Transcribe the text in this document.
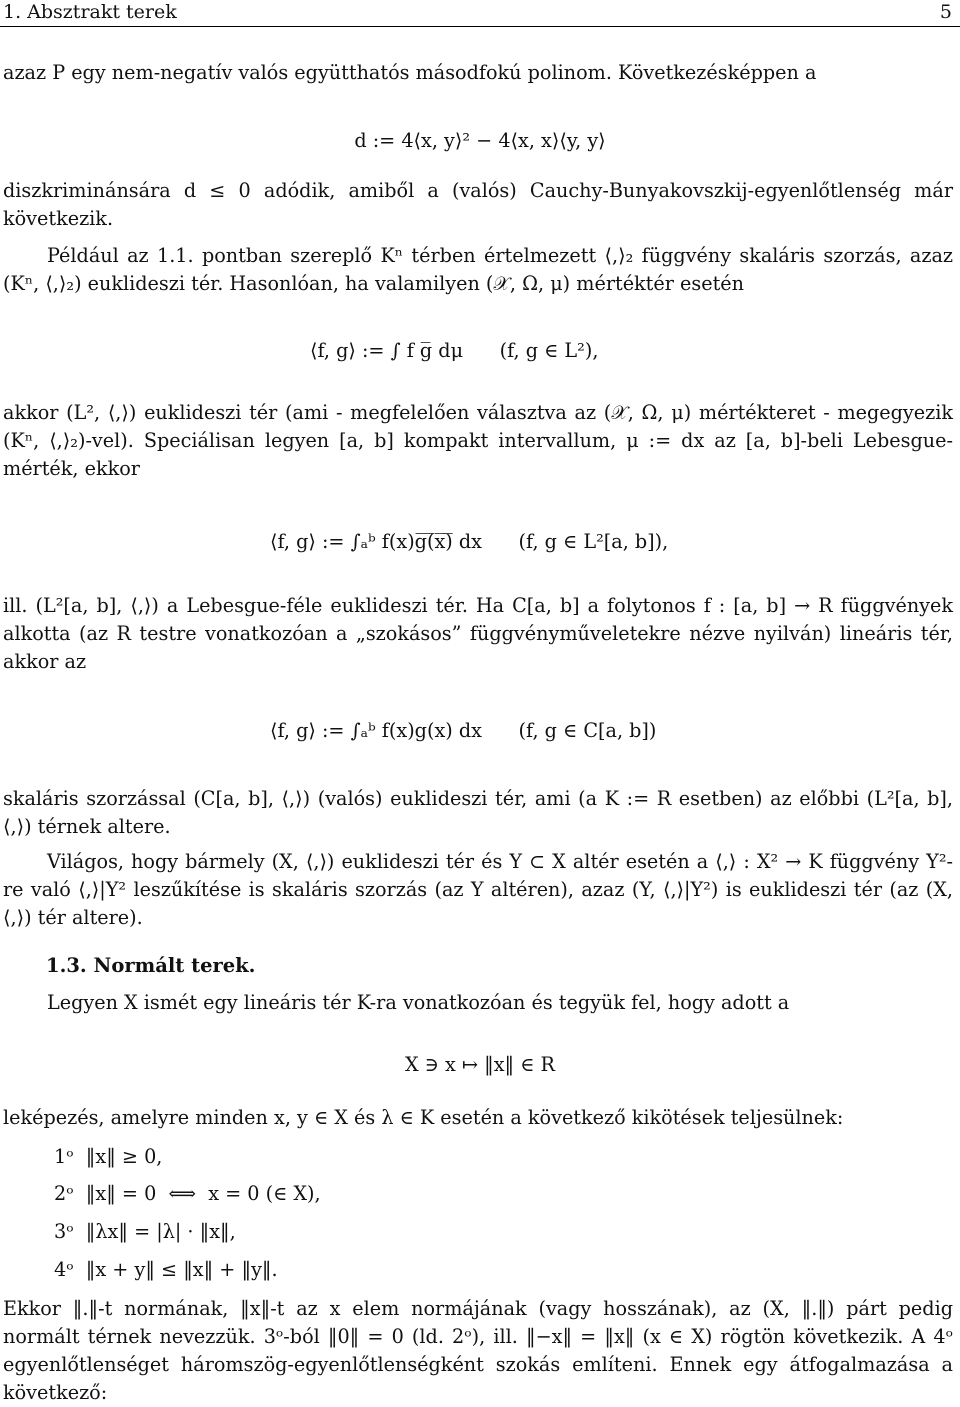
1. Absztrakt terek	5

azaz P egy nem-negatív valós együtthatós másodfokú polinom. Következésképpen a

d := 4⟨x, y⟩² − 4⟨x, x⟩⟨y, y⟩

diszkriminánsára d ≤ 0 adódik, amiből a (valós) Cauchy-Bunyakovszkij-egyenlőtlenség már következik.

Például az 1.1. pontban szereplő Kⁿ térben értelmezett ⟨,⟩₂ függvény skaláris szorzás, azaz (Kⁿ, ⟨,⟩₂) euklideszi tér. Hasonlóan, ha valamilyen (𝒳, Ω, μ) mértéktér esetén

⟨f, g⟩ := ∫ f g̅ dμ      (f, g ∈ L²),

akkor (L², ⟨,⟩) euklideszi tér (ami - megfelelően választva az (𝒳, Ω, μ) mértékteret - megegyezik (Kⁿ, ⟨,⟩₂)-vel). Speciálisan legyen [a, b] kompakt intervallum, μ := dx az [a, b]-beli Lebesgue-mérték, ekkor

⟨f, g⟩ := ∫ₐᵇ f(x)g̅(̅x̅)̅ dx      (f, g ∈ L²[a, b]),

ill. (L²[a, b], ⟨,⟩) a Lebesgue-féle euklideszi tér. Ha C[a, b] a folytonos f : [a, b] → R függvények alkotta (az R testre vonatkozóan a „szokásos” függvényműveletekre nézve nyilván) lineáris tér, akkor az

⟨f, g⟩ := ∫ₐᵇ f(x)g(x) dx      (f, g ∈ C[a, b])

skaláris szorzással (C[a, b], ⟨,⟩) (valós) euklideszi tér, ami (a K := R esetben) az előbbi (L²[a, b], ⟨,⟩) térnek altere.

Világos, hogy bármely (X, ⟨,⟩) euklideszi tér és Y ⊂ X altér esetén a ⟨,⟩ : X² → K függvény Y²-re való ⟨,⟩|Y² leszűkítése is skaláris szorzás (az Y altéren), azaz (Y, ⟨,⟩|Y²) is euklideszi tér (az (X, ⟨,⟩) tér altere).

1.3. Normált terek.

Legyen X ismét egy lineáris tér K-ra vonatkozóan és tegyük fel, hogy adott a

X ∋ x ↦ ‖x‖ ∈ R

leképezés, amelyre minden x, y ∈ X és λ ∈ K esetén a következő kikötések teljesülnek:

1ᵒ  ‖x‖ ≥ 0,
2ᵒ  ‖x‖ = 0  ⟺  x = 0 (∈ X),
3ᵒ  ‖λx‖ = |λ| · ‖x‖,
4ᵒ  ‖x + y‖ ≤ ‖x‖ + ‖y‖.

Ekkor ‖.‖-t normának, ‖x‖-t az x elem normájának (vagy hosszának), az (X, ‖.‖) párt pedig normált térnek nevezzük. 3ᵒ-ból ‖0‖ = 0 (ld. 2ᵒ), ill. ‖−x‖ = ‖x‖ (x ∈ X) rögtön következik. A 4ᵒ egyenlőtlenséget háromszög-egyenlőtlenségként szokás említeni. Ennek egy átfogalmazása a következő:
